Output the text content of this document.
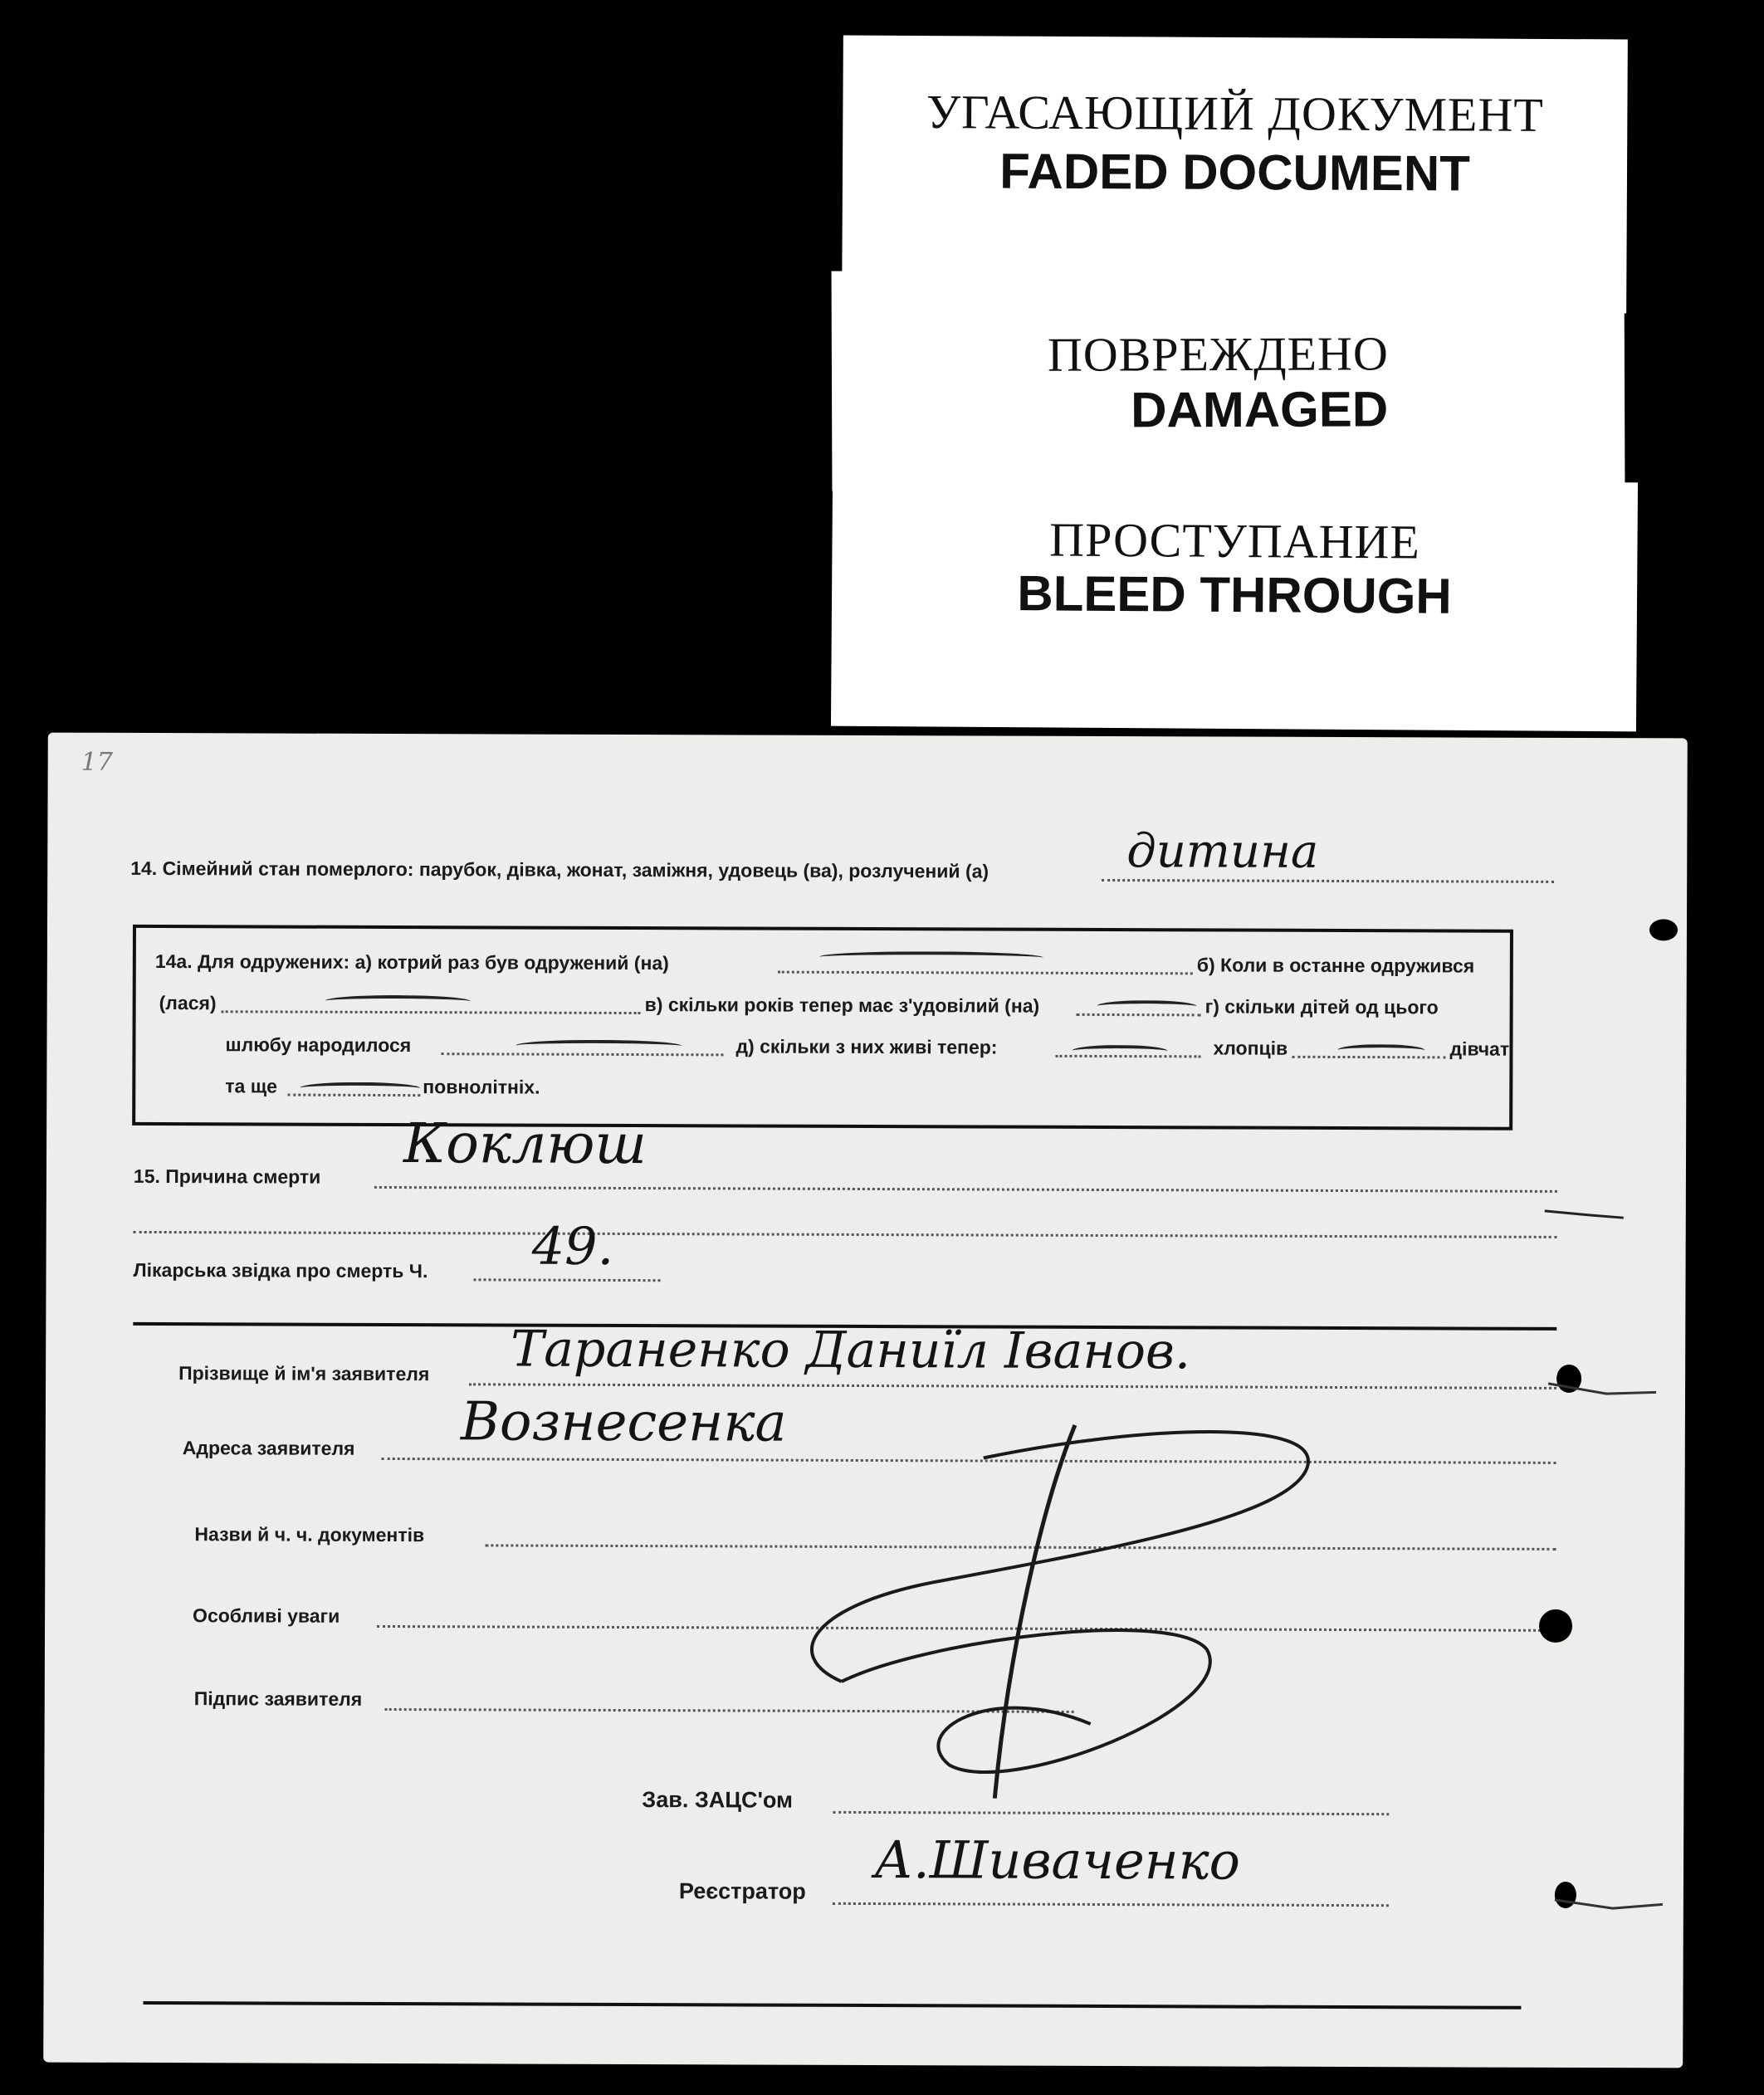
УГАСАЮЩИЙ ДОКУМЕНТ
FADED DOCUMENT
ПОВРЕЖДЕНО
DAMAGED
ПРОСТУПАНИЕ
BLEED THROUGH
17
14. Сімейний стан померлого: парубок, дівка, жонат, заміжня, удовець (ва), розлучений (а)	дитина
14а. Для одружених: а) котрий раз був одружений (на)	б) Коли в останне одружився
(лася)	в) скільки років тепер має з'удовілий (на)	г) скільки дітей од цього
шлюбу народилося	д) скільки з них живі тепер:	хлопців	дівчат
та ще	повнолітніх.
15. Причина смерти
Коклюш
Лікарська звідка про смерть Ч. 49.
Прізвище й ім'я заявителя Тараненко Даниїл Іванов.
Адреса заявителя Вознесенка
Назви й ч. ч. документів
Особливі уваги
Підпис заявителя
Зав. ЗАЦС'ом
Реєстратор А.Шиваченко
